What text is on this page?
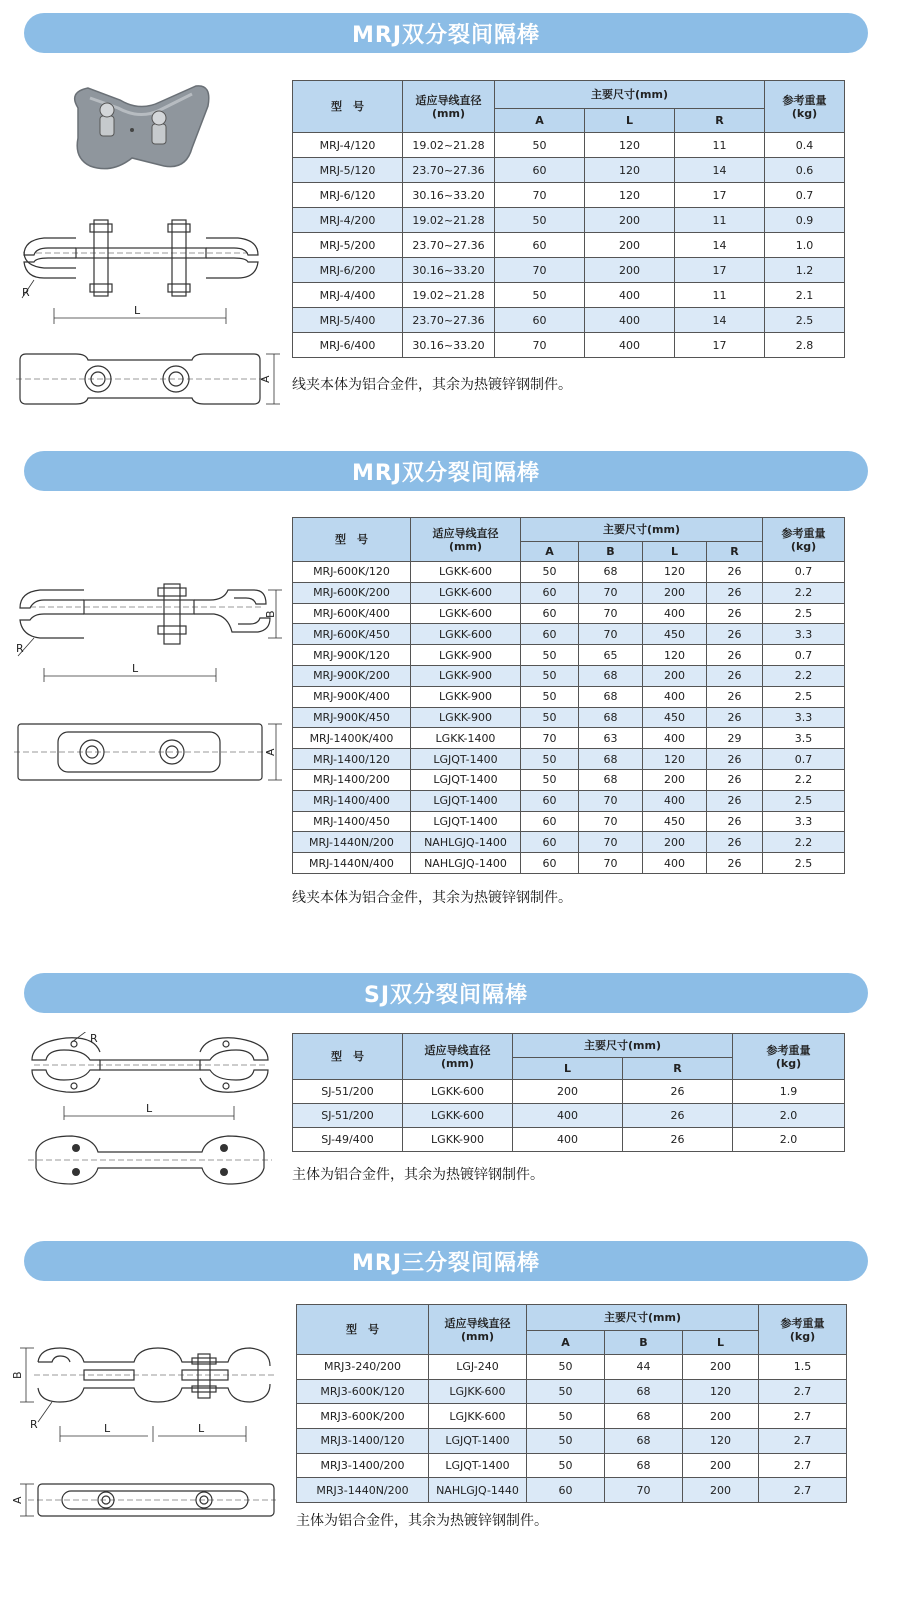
MRJ双分裂间隔棒
L
R
A
型　号	适应导线直径
(mm)	主要尺寸(mm)			参考重量
(kg)
		A	L	R	
MRJ-4/120	19.02~21.28	50	120	11	0.4
MRJ-5/120	23.70~27.36	60	120	14	0.6
MRJ-6/120	30.16~33.20	70	120	17	0.7
MRJ-4/200	19.02~21.28	50	200	11	0.9
MRJ-5/200	23.70~27.36	60	200	14	1.0
MRJ-6/200	30.16~33.20	70	200	17	1.2
MRJ-4/400	19.02~21.28	50	400	11	2.1
MRJ-5/400	23.70~27.36	60	400	14	2.5
MRJ-6/400	30.16~33.20	70	400	17	2.8
线夹本体为铝合金件，其余为热镀锌钢制件。
MRJ双分裂间隔棒
L
R
B
A
型　号	适应导线直径
(mm)	主要尺寸(mm)				参考重量
(kg)
		A	B	L	R	
MRJ-600K/120	LGKK-600	50	68	120	26	0.7
MRJ-600K/200	LGKK-600	60	70	200	26	2.2
MRJ-600K/400	LGKK-600	60	70	400	26	2.5
MRJ-600K/450	LGKK-600	60	70	450	26	3.3
MRJ-900K/120	LGKK-900	50	65	120	26	0.7
MRJ-900K/200	LGKK-900	50	68	200	26	2.2
MRJ-900K/400	LGKK-900	50	68	400	26	2.5
MRJ-900K/450	LGKK-900	50	68	450	26	3.3
MRJ-1400K/400	LGKK-1400	70	63	400	29	3.5
MRJ-1400/120	LGJQT-1400	50	68	120	26	0.7
MRJ-1400/200	LGJQT-1400	50	68	200	26	2.2
MRJ-1400/400	LGJQT-1400	60	70	400	26	2.5
MRJ-1400/450	LGJQT-1400	60	70	450	26	3.3
MRJ-1440N/200	NAHLGJQ-1400	60	70	200	26	2.2
MRJ-1440N/400	NAHLGJQ-1400	60	70	400	26	2.5
线夹本体为铝合金件，其余为热镀锌钢制件。
SJ双分裂间隔棒
L
R
型　号	适应导线直径
(mm)	主要尺寸(mm)		参考重量
(kg)
		L	R	
SJ-51/200	LGKK-600	200	26	1.9
SJ-51/200	LGKK-600	400	26	2.0
SJ-49/400	LGKK-900	400	26	2.0
主体为铝合金件，其余为热镀锌钢制件。
MRJ三分裂间隔棒
L	L
R
B
A
型　号	适应导线直径
(mm)	主要尺寸(mm)			参考重量
(kg)
		A	B	L	
MRJ3-240/200	LGJ-240	50	44	200	1.5
MRJ3-600K/120	LGJKK-600	50	68	120	2.7
MRJ3-600K/200	LGJKK-600	50	68	200	2.7
MRJ3-1400/120	LGJQT-1400	50	68	120	2.7
MRJ3-1400/200	LGJQT-1400	50	68	200	2.7
MRJ3-1440N/200	NAHLGJQ-1440	60	70	200	2.7
主体为铝合金件，其余为热镀锌钢制件。
